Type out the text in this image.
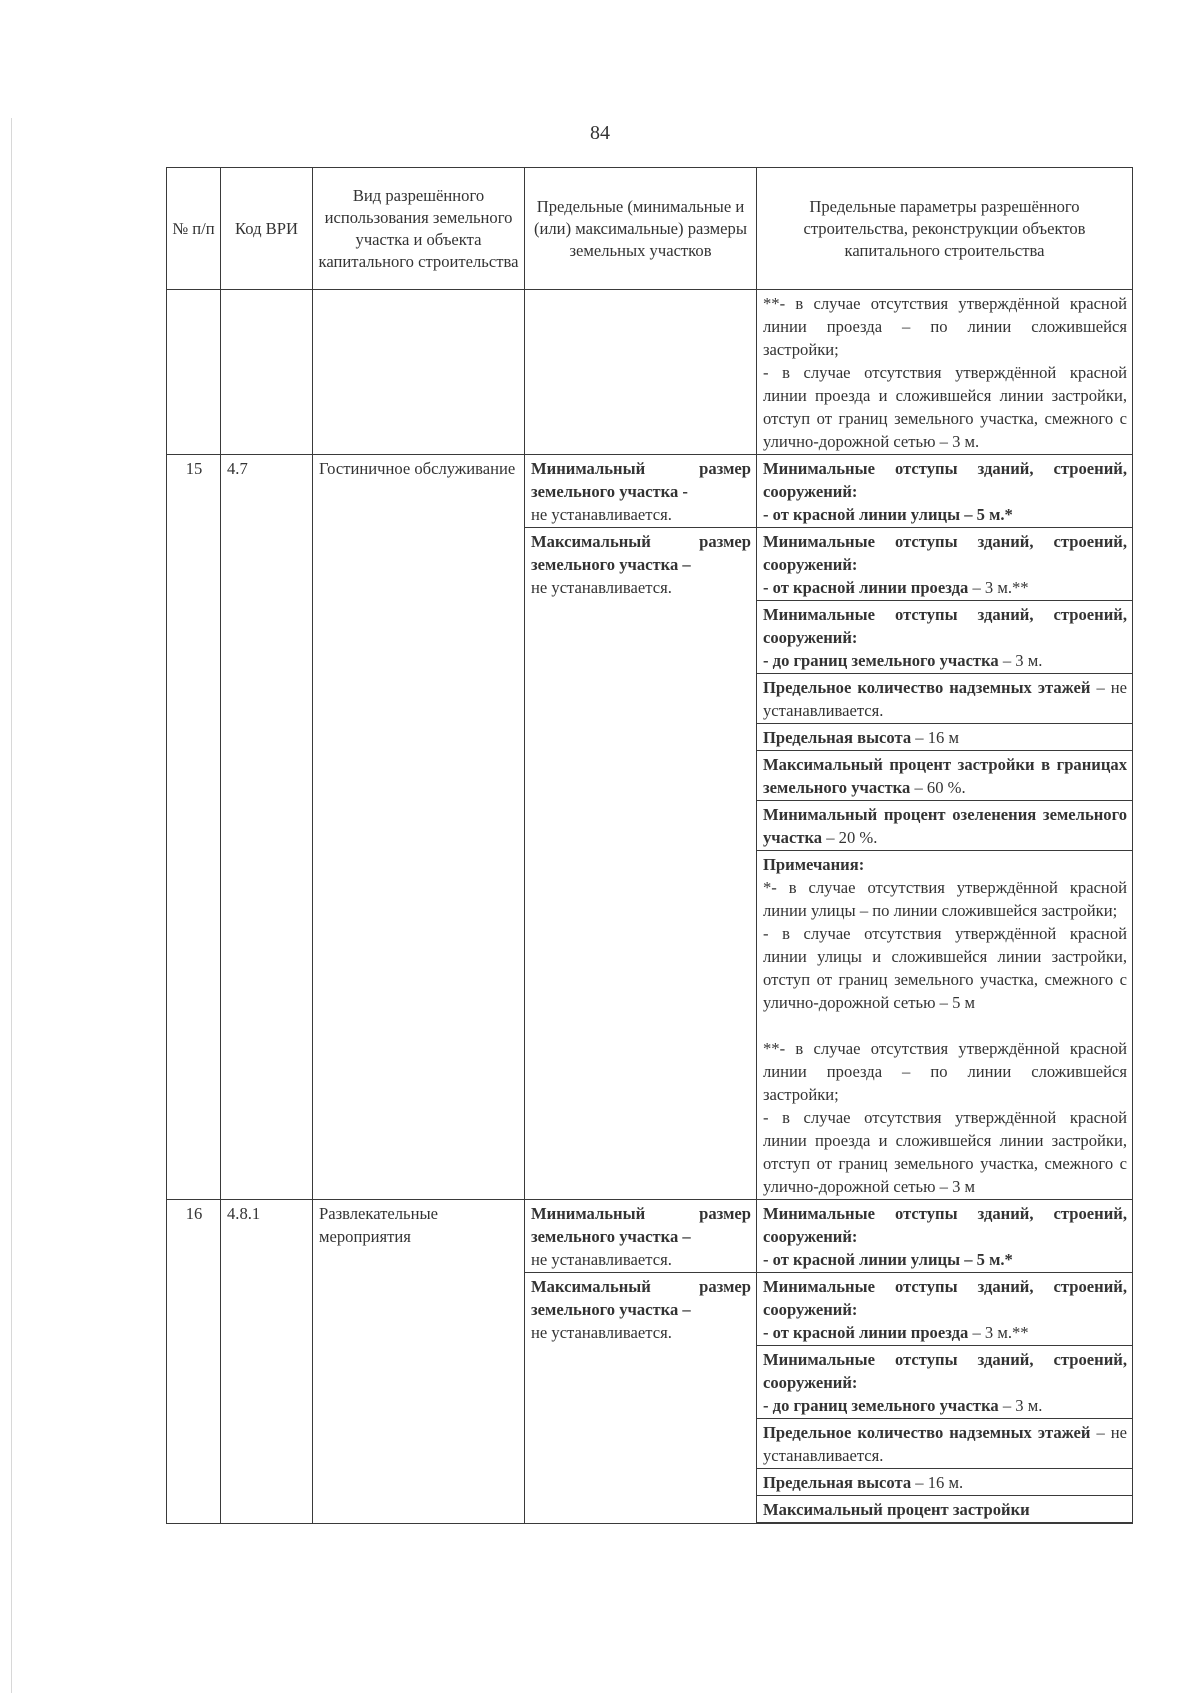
84
№ п/п	Код ВРИ	Вид разрешённого использования земельного участка и объекта капитального строительства	Предельные (минимальные и (или) максимальные) размеры земельных участков	Предельные параметры разрешённого строительства, реконструкции объектов капитального строительства

				**- в случае отсутствия утверждённой красной линии проезда – по линии сложившейся застройки;

- в случае отсутствия утверждённой красной линии проезда и сложившейся линии застройки, отступ от границ земельного участка, смежного с улично-дорожной сетью – 3 м.

15	4.7	Гостиничное обслуживание	Минимальный размер земельного участка -
не устанавливается.	Минимальные отступы зданий, строений, сооружений:
- от красной линии улицы – 5 м.*
			Максимальный размер земельного участка –
не устанавливается.	Минимальные отступы зданий, строений, сооружений:
- от красной линии проезда – 3 м.**
				Минимальные отступы зданий, строений, сооружений:
- до границ земельного участка – 3 м.
				Предельное количество надземных этажей – не устанавливается.
				Предельная высота – 16 м
				Максимальный процент застройки в границах земельного участка – 60 %.
				Минимальный процент озеленения земельного участка – 20 %.
				Примечания:

*- в случае отсутствия утверждённой красной линии улицы – по линии сложившейся застройки;

- в случае отсутствия утверждённой красной линии улицы и сложившейся линии застройки, отступ от границ земельного участка, смежного с улично-дорожной сетью – 5 м

**- в случае отсутствия утверждённой красной линии проезда – по линии сложившейся застройки;

- в случае отсутствия утверждённой красной линии проезда и сложившейся линии застройки, отступ от границ земельного участка, смежного с улично-дорожной сетью – 3 м

16	4.8.1	Развлекательные мероприятия	Минимальный размер земельного участка –
не устанавливается.	Минимальные отступы зданий, строений, сооружений:
- от красной линии улицы – 5 м.*
			Максимальный размер земельного участка –
не устанавливается.	Минимальные отступы зданий, строений, сооружений:
- от красной линии проезда – 3 м.**
				Минимальные отступы зданий, строений, сооружений:
- до границ земельного участка – 3 м.
				Предельное количество надземных этажей – не устанавливается.
				Предельная высота – 16 м.
				Максимальный процент застройки
